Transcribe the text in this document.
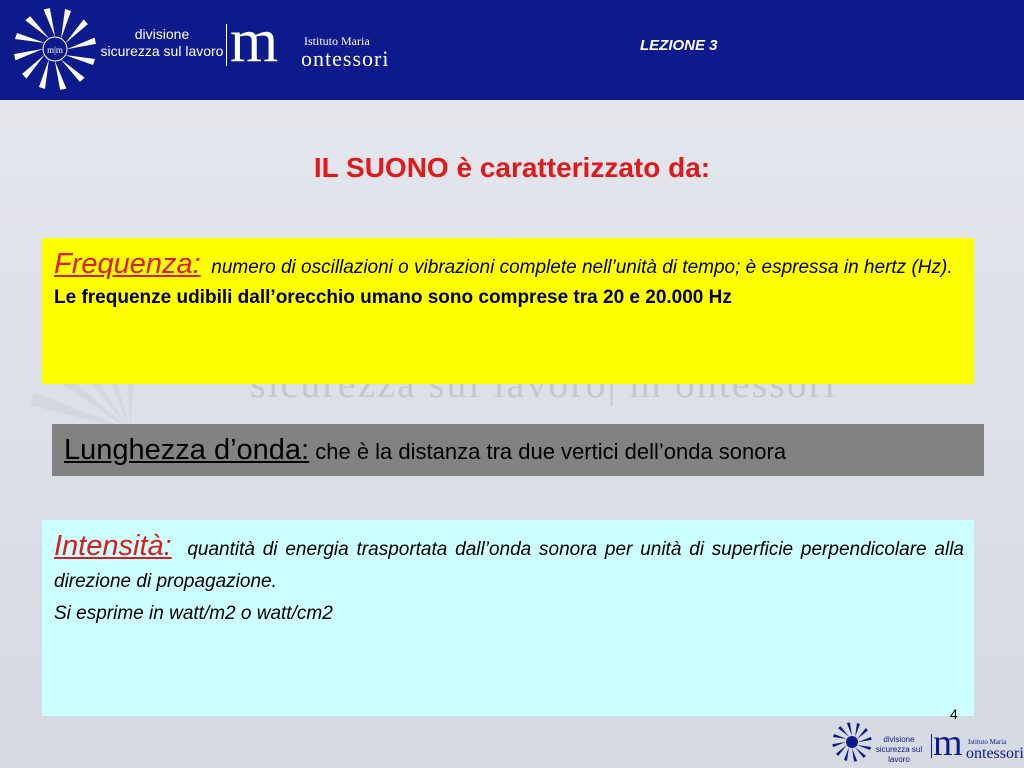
m|m
divisione
sicurezza sul lavoro m Istituto Maria
ontessori
LEZIONE 3
IL SUONO è caratterizzato da:
Frequenza: numero di oscillazioni o vibrazioni complete nell’unità di tempo; è espressa in hertz (Hz).
Le frequenze udibili dall’orecchio umano sono comprese tra 20 e 20.000 Hz
Lunghezza d’onda: che è la distanza tra due vertici dell’onda sonora
Intensità: quantità di energia trasportata dall’onda sonora per unità di superficie perpendicolare alla direzione di propagazione.
Si esprime in watt/m2 o watt/cm2
4
divisione
sicurezza sul lavoro m Istituto Maria
ontessori
